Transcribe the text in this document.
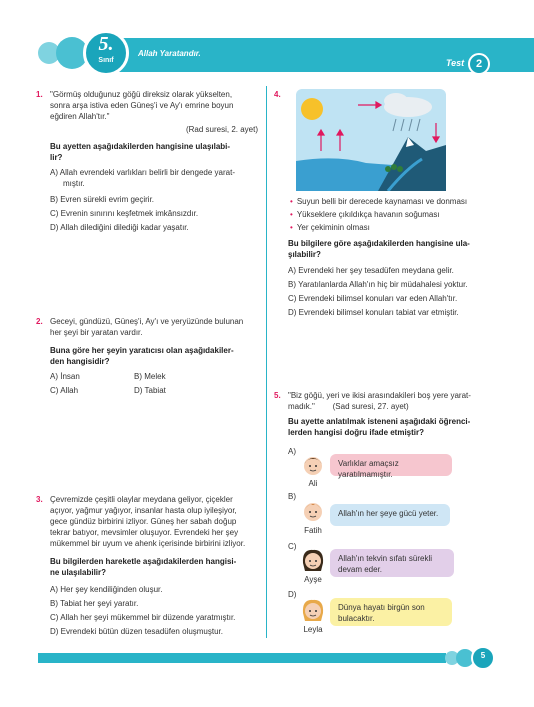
5.
Sınıf
Allah Yaratandır.
Test	2
1. "Görmüş olduğunuz göğü direksiz olarak yükselten,
sonra arşa istiva eden Güneş'i ve Ay'ı emrine boyun
eğdiren Allah'tır."
(Rad suresi, 2. ayet)
Bu ayetten aşağıdakilerden hangisine ulaşılabi-
lir?
A) Allah evrendeki varlıkları belirli bir dengede yarat-
mıştır.
B) Evren sürekli evrim geçirir.
C) Evrenin sınırını keşfetmek imkânsızdır.
D) Allah dilediğini dilediği kadar yaşatır.
2. Geceyi, gündüzü, Güneş'i, Ay'ı ve yeryüzünde bulunan
her şeyi bir yaratan vardır.
Buna göre her şeyin yaratıcısı olan aşağıdakiler-
den hangisidir?
A) İnsan	B) Melek
C) Allah	D) Tabiat
3. Çevremizde çeşitli olaylar meydana geliyor, çiçekler
açıyor, yağmur yağıyor, insanlar hasta olup iyileşiyor,
gece gündüz birbirini izliyor. Güneş her sabah doğup
tekrar batıyor, mevsimler oluşuyor. Evrendeki her şey
mükemmel bir uyum ve ahenk içerisinde birbirini izliyor.
Bu bilgilerden hareketle aşağıdakilerden hangisi-
ne ulaşılabilir?
A) Her şey kendiliğinden oluşur.
B) Tabiat her şeyi yaratır.
C) Allah her şeyi mükemmel bir düzende yaratmıştır.
D) Evrendeki bütün düzen tesadüfen oluşmuştur.
4.
• Suyun belli bir derecede kaynaması ve donması
• Yükseklere çıkıldıkça havanın soğuması
• Yer çekiminin olması
Bu bilgilere göre aşağıdakilerden hangisine ula-
şılabilir?
A) Evrendeki her şey tesadüfen meydana gelir.
B) Yaratılanlarda Allah'ın hiç bir müdahalesi yoktur.
C) Evrendeki bilimsel konuları var eden Allah'tır.
D) Evrendeki bilimsel konuları tabiat var etmiştir.
5. "Biz göğü, yeri ve ikisi arasındakileri boş yere yarat-
madık."        (Sad suresi, 27. ayet)
Bu ayette anlatılmak isteneni aşağıdaki öğrenci-
lerden hangisi doğru ifade etmiştir?
A)
Ali
Varlıklar amaçsız yaratılmamıştır.
B)
Fatih
Allah'ın her şeye gücü yeter.
C)
Ayşe
Allah'ın tekvin sıfatı sürekli
devam eder.
D)
Leyla
Dünya hayatı birgün son
bulacaktır.
5
